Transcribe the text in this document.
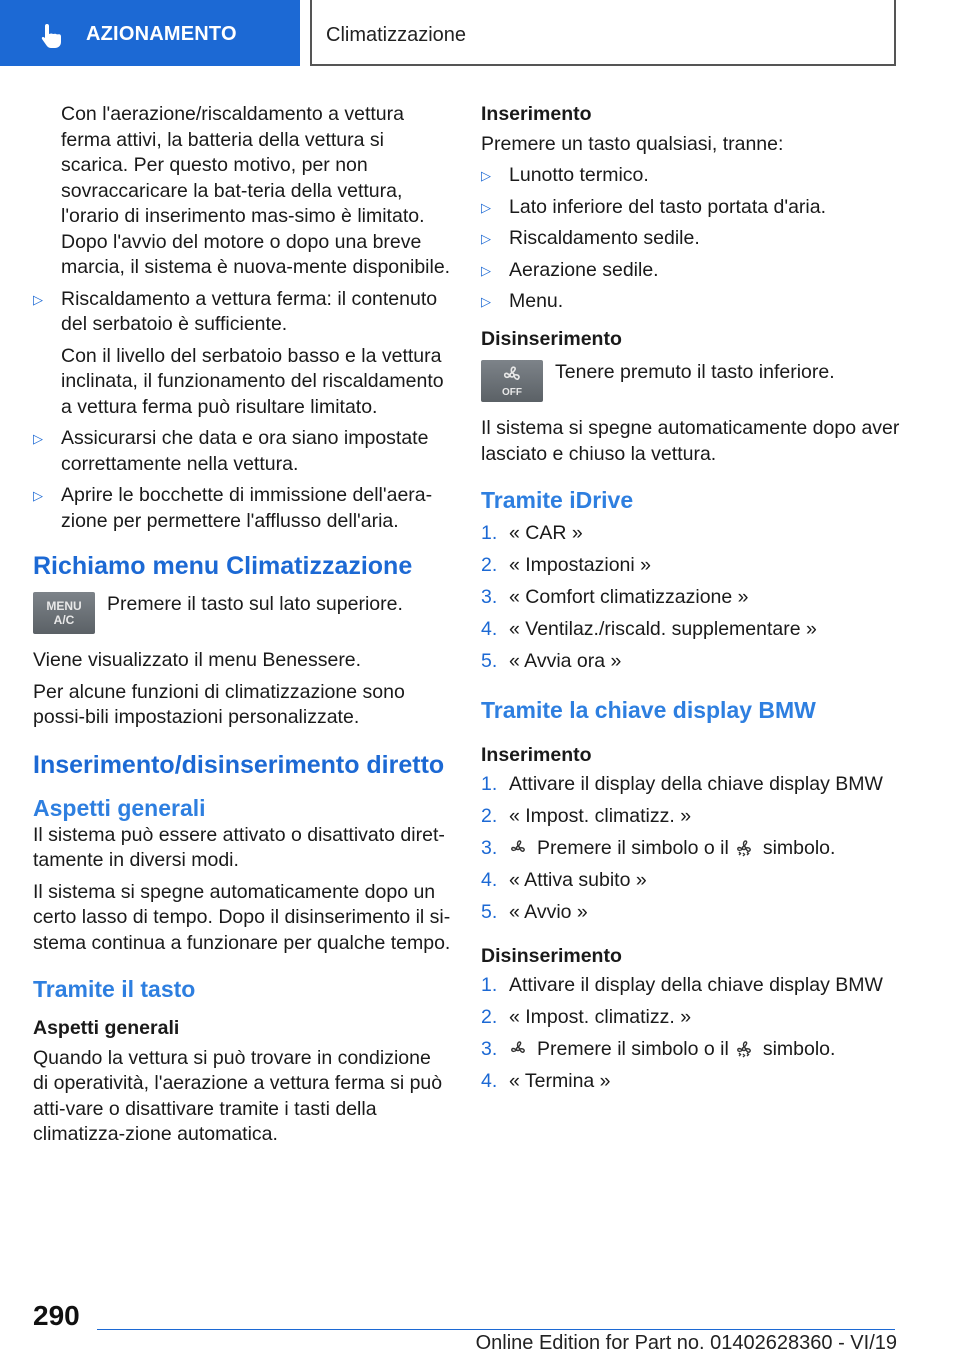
AZIONAMENTO	Climatizzazione

Con l'aerazione/riscaldamento a vettura ferma attivi, la batteria della vettura si scarica. Per questo motivo, per non sovraccaricare la bat-teria della vettura, l'orario di inserimento mas-simo è limitato. Dopo l'avvio del motore o dopo una breve marcia, il sistema è nuova-mente disponibile.

▷ Riscaldamento a vettura ferma: il contenuto del serbatoio è sufficiente.

Con il livello del serbatoio basso e la vettura inclinata, il funzionamento del riscaldamento a vettura ferma può risultare limitato.

▷ Assicurarsi che data e ora siano impostate correttamente nella vettura.

▷ Aprire le bocchette di immissione dell'aera-zione per permettere l'afflusso dell'aria.

Richiamo menu Climatizzazione
MENU
A/C
Premere il tasto sul lato superiore.

Viene visualizzato il menu Benessere.

Per alcune funzioni di climatizzazione sono possi-bili impostazioni personalizzate.

Inserimento/disinserimento diretto
Aspetti generali

Il sistema può essere attivato o disattivato diret-tamente in diversi modi.

Il sistema si spegne automaticamente dopo un certo lasso di tempo. Dopo il disinserimento il si-stema continua a funzionare per qualche tempo.

Tramite il tasto
Aspetti generali

Quando la vettura si può trovare in condizione di operatività, l'aerazione a vettura ferma si può atti-vare o disattivare tramite i tasti della climatizza-zione automatica.

Inserimento

Premere un tasto qualsiasi, tranne:

▷ Lunotto termico.

▷ Lato inferiore del tasto portata d'aria.

▷ Riscaldamento sedile.

▷ Aerazione sedile.

▷ Menu.

Disinserimento
OFF
Tenere premuto il tasto inferiore.

Il sistema si spegne automaticamente dopo aver lasciato e chiuso la vettura.

Tramite iDrive
1. « CAR »
2. « Impostazioni »
3. « Comfort climatizzazione »
4. « Ventilaz./riscald. supplementare »
5. « Avvia ora »
Tramite la chiave display BMW
Inserimento
1. Attivare il display della chiave display BMW
2. « Impost. climatizz. »
3. Premere il simbolo o il simbolo.
4. « Attiva subito »
5. « Avvio »
Disinserimento
1. Attivare il display della chiave display BMW
2. « Impost. climatizz. »
3. Premere il simbolo o il simbolo.
4. « Termina »
290
Online Edition for Part no. 01402628360 - VI/19
